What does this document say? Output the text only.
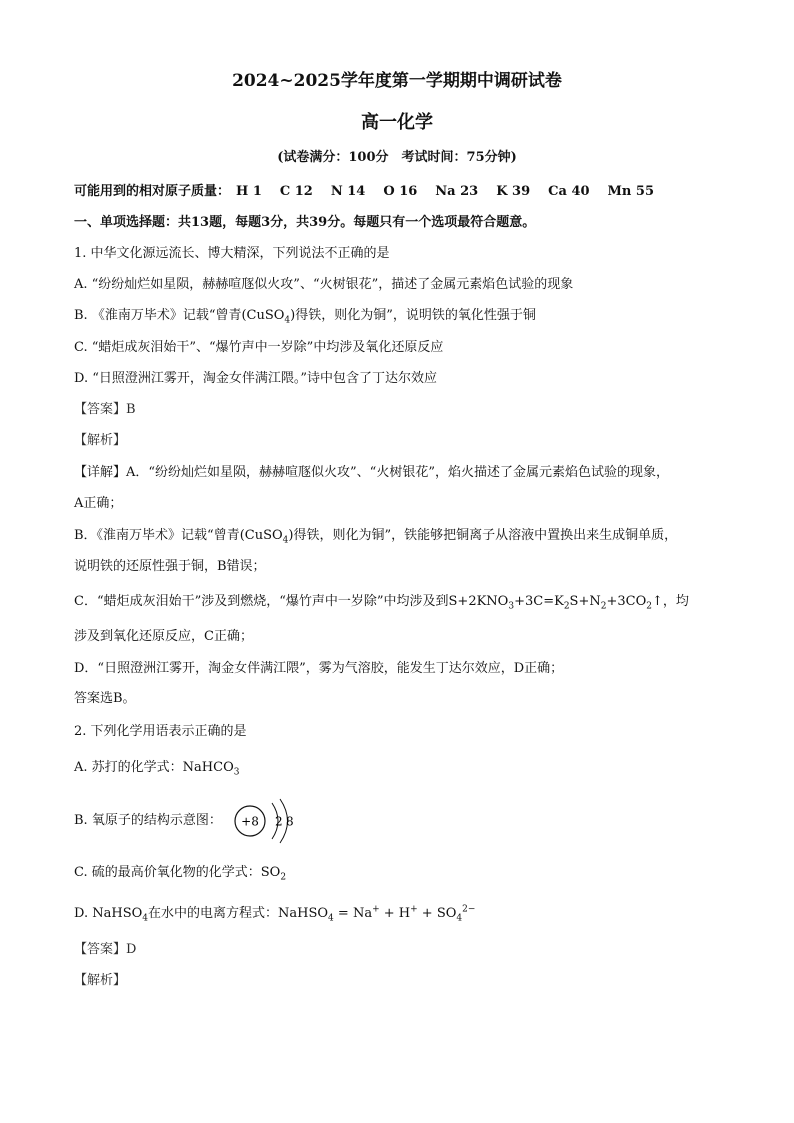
2024~2025学年度第一学期期中调研试卷
高一化学
(试卷满分：100分　考试时间：75分钟)
可能用到的相对原子质量： H 1 C 12 N 14 O 16 Na 23 K 39 Ca 40 Mn 55
一、单项选择题：共13题，每题3分，共39分。每题只有一个选项最符合题意。
1. 中华文化源远流长、博大精深，下列说法不正确的是
A. “纷纷灿烂如星陨，赫赫喧豗似火攻”、“火树银花”，描述了金属元素焰色试验的现象
B. 《淮南万毕术》记载“曾青(CuSO$_4$)得铁，则化为铜”，说明铁的氧化性强于铜
C. “蜡炬成灰泪始干”、“爆竹声中一岁除”中均涉及氧化还原反应
D. “日照澄洲江雾开，淘金女伴满江隈。”诗中包含了丁达尔效应
【答案】B
【解析】
【详解】A．“纷纷灿烂如星陨，赫赫喧豗似火攻”、“火树银花”，焰火描述了金属元素焰色试验的现象，
A正确；
B．《淮南万毕术》记载“曾青(CuSO$_4$)得铁，则化为铜”，铁能够把铜离子从溶液中置换出来生成铜单质，
说明铁的还原性强于铜，B错误；
C．“蜡炬成灰泪始干”涉及到燃烧，“爆竹声中一岁除”中均涉及到$S+2KNO_3+3C=K_2S+N_2+3CO_2↑$，均
涉及到氧化还原反应，C正确；
D．“日照澄洲江雾开，淘金女伴满江隈”，雾为气溶胶，能发生丁达尔效应，D正确；
答案选B。
2. 下列化学用语表示正确的是
A. 苏打的化学式：NaHCO$_3$
B. 氧原子的结构示意图： +8 2 8
C. 硫的最高价氧化物的化学式：$SO_2$
D. NaHSO$_4$在水中的电离方程式：NaHSO$_4$ = $Na^+ + H^+ + SO_4^{2-}$
【答案】D
【解析】
